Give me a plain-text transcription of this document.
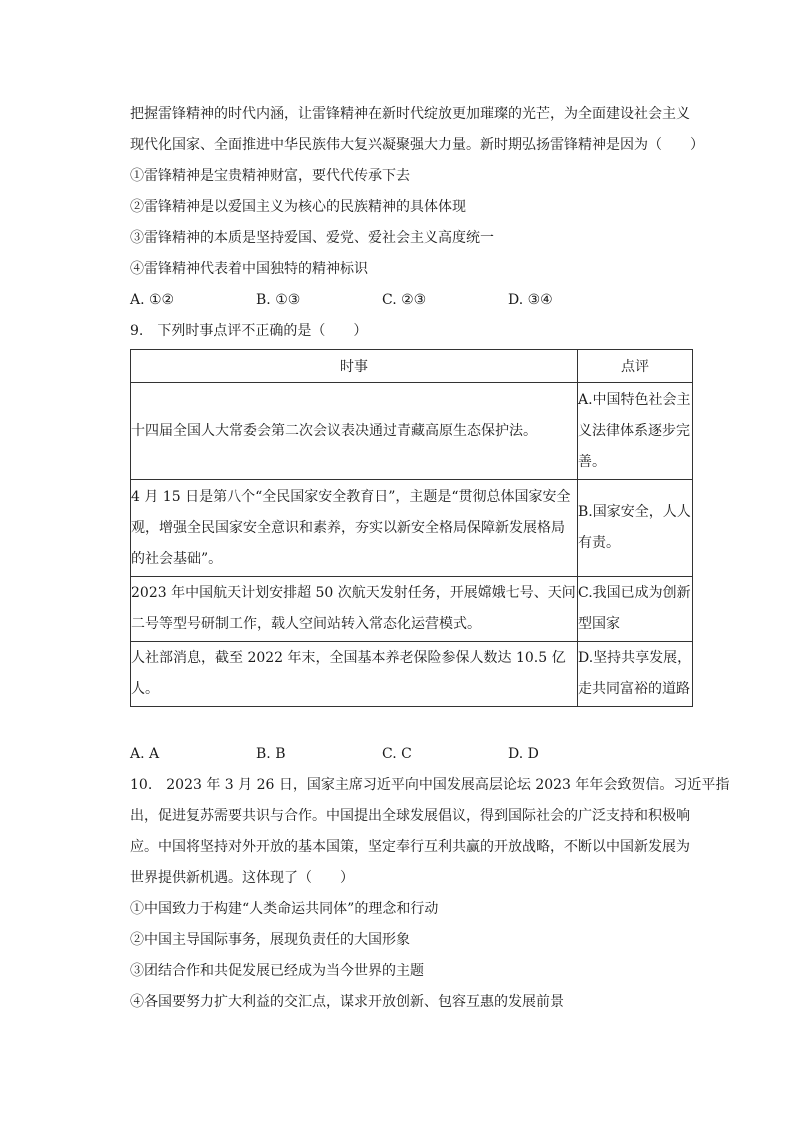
把握雷锋精神的时代内涵，让雷锋精神在新时代绽放更加璀璨的光芒，为全面建设社会主义
现代化国家、全面推进中华民族伟大复兴凝聚强大力量。新时期弘扬雷锋精神是因为（　　）
①雷锋精神是宝贵精神财富，要代代传承下去
②雷锋精神是以爱国主义为核心的民族精神的具体体现
③雷锋精神的本质是坚持爱国、爱党、爱社会主义高度统一
④雷锋精神代表着中国独特的精神标识
A. ①②	B. ①③	C. ②③	D. ③④
9.　下列时事点评不正确的是（　　）
时事	点评
十四届全国人大常委会第二次会议表决通过青藏高原生态保护法。	A.中国特色社会主义法律体系逐步完善。
4 月 15 日是第八个“全民国家安全教育日”，主题是“贯彻总体国家安全观，增强全民国家安全意识和素养，夯实以新安全格局保障新发展格局的社会基础”。	B.国家安全，人人有责。
2023 年中国航天计划安排超 50 次航天发射任务，开展嫦娥七号、天问二号等型号研制工作，载人空间站转入常态化运营模式。	C.我国已成为创新型国家
人社部消息，截至 2022 年末，全国基本养老保险参保人数达 10.5 亿人。	D.坚持共享发展，走共同富裕的道路
A. A	B. B	C. C	D. D
10.　2023 年 3 月 26 日，国家主席习近平向中国发展高层论坛 2023 年年会致贺信。习近平指
出，促进复苏需要共识与合作。中国提出全球发展倡议，得到国际社会的广泛支持和积极响
应。中国将坚持对外开放的基本国策，坚定奉行互利共赢的开放战略，不断以中国新发展为
世界提供新机遇。这体现了（　　）
①中国致力于构建“人类命运共同体”的理念和行动
②中国主导国际事务，展现负责任的大国形象
③团结合作和共促发展已经成为当今世界的主题
④各国要努力扩大利益的交汇点，谋求开放创新、包容互惠的发展前景
